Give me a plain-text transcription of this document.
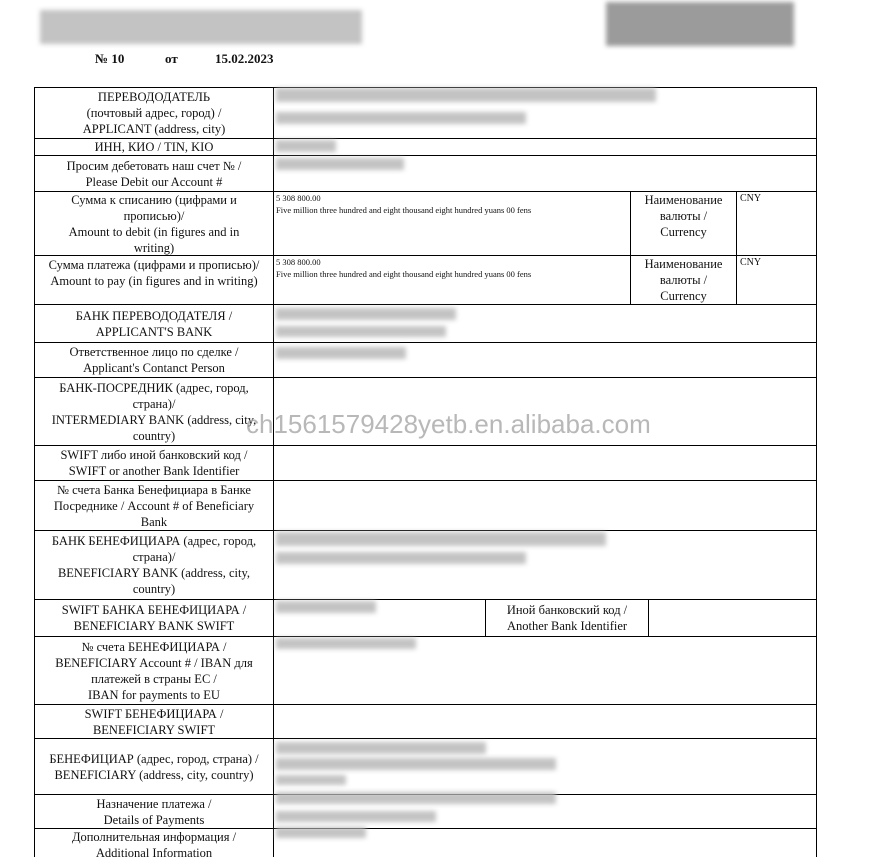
№ 10	от	15.02.2023
ПЕРЕВОДОДАТЕЛЬ
(почтовый адрес, город) /
APPLICANT (address, city)
ИНН, КИО / TIN, KIO
Просим дебетовать наш счет № /
Please Debit our Account #
Сумма к списанию (цифрами и
прописью)/
Amount to debit (in figures and in
writing)
5 308 800.00
Five million three hundred and eight thousand eight hundred yuans 00 fens
Наименование
валюты /
Currency
CNY
Сумма платежа (цифрами и прописью)/
Amount to pay (in figures and in writing)
5 308 800.00
Five million three hundred and eight thousand eight hundred yuans 00 fens
Наименование
валюты /
Currency
CNY
БАНК ПЕРЕВОДОДАТЕЛЯ /
APPLICANT'S BANK
Ответственное лицо по сделке /
Applicant's Contanct Person
БАНК-ПОСРЕДНИК (адрес, город,
страна)/
INTERMEDIARY BANK (address, city,
country)
SWIFT либо иной банковский код /
SWIFT or another Bank Identifier
№ счета Банка Бенефициара в Банке
Посреднике / Account # of Beneficiary
Bank
БАНК БЕНЕФИЦИАРА (адрес, город,
страна)/
BENEFICIARY BANK (address, city,
country)
SWIFT БАНКА БЕНЕФИЦИАРА /
BENEFICIARY BANK SWIFT
Иной банковский код /
Another Bank Identifier
№ счета БЕНЕФИЦИАРА /
BENEFICIARY Account # / IBAN для
платежей в страны ЕС /
IBAN for payments to EU
SWIFT БЕНЕФИЦИАРА /
BENEFICIARY SWIFT
БЕНЕФИЦИАР (адрес, город, страна) /
BENEFICIARY (address, city, country)
Назначение платежа /
Details of Payments
Дополнительная информация /
Additional Information
ch1561579428yetb.en.alibaba.com
